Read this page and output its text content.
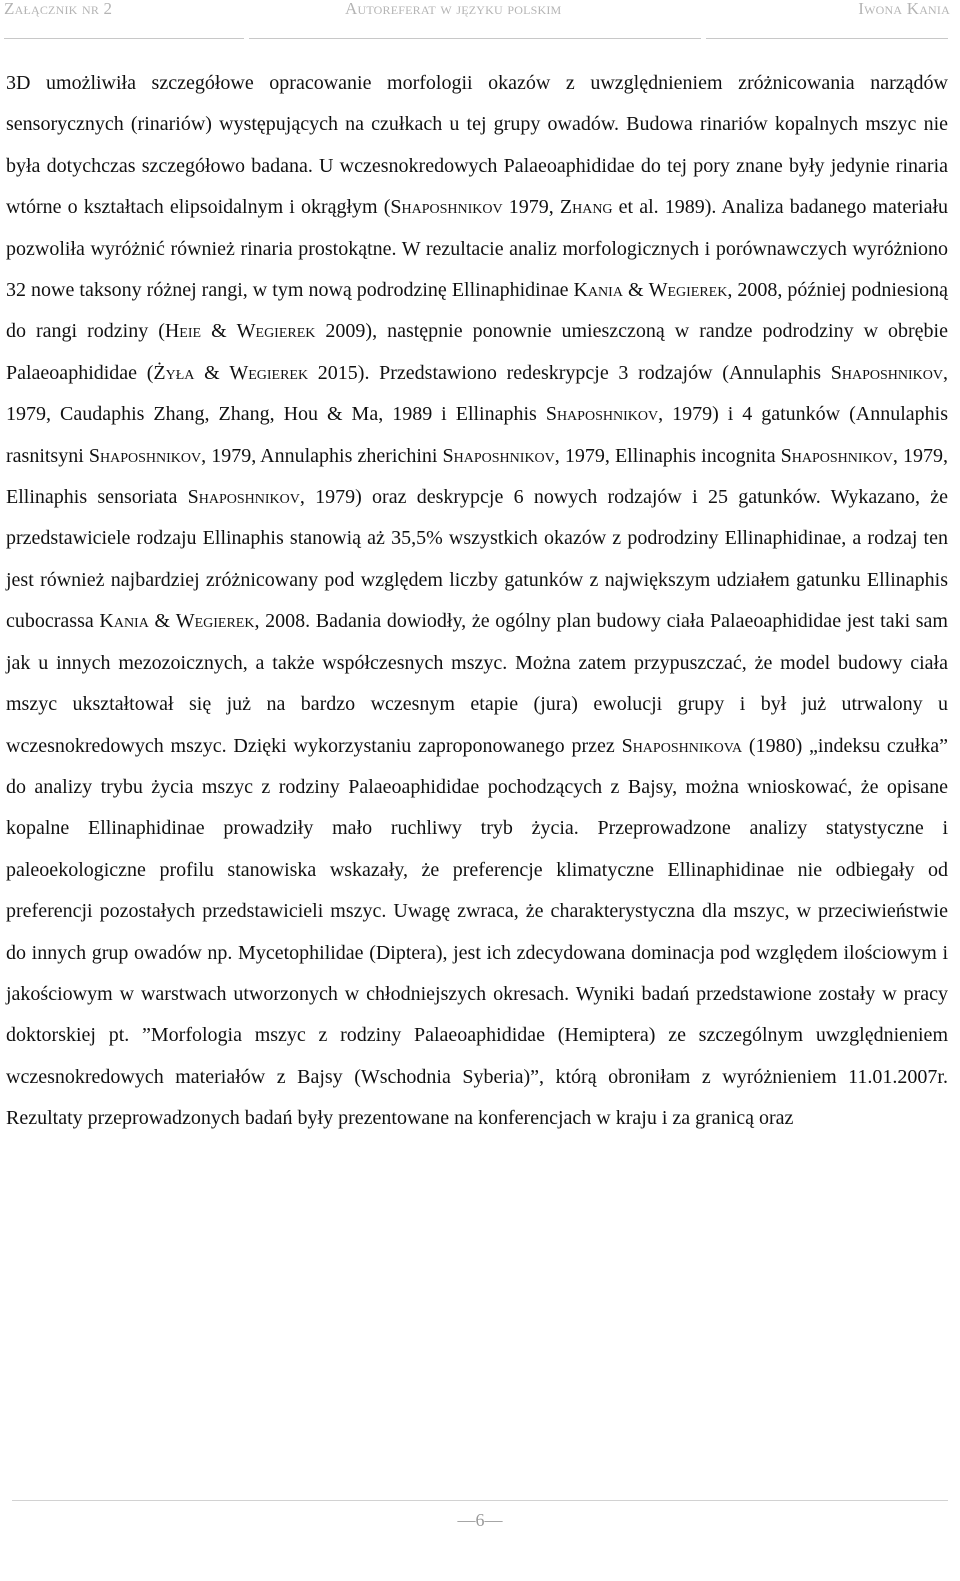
Załącznik nr 2	Autoreferat w języku polskim	Iwona Kania

3D umożliwiła szczegółowe opracowanie morfologii okazów z uwzględnieniem zróżnicowania narządów sensorycznych (rinariów) występujących na czułkach u tej grupy owadów. Budowa rinariów kopalnych mszyc nie była dotychczas szczegółowo badana. U wczesnokredowych Palaeoaphididae do tej pory znane były jedynie rinaria wtórne o kształtach elipsoidalnym i okrągłym (Shaposhnikov 1979, Zhang et al. 1989). Analiza badanego materiału pozwoliła wyróżnić również rinaria prostokątne. W rezultacie analiz morfologicznych i porównawczych wyróżniono 32 nowe taksony różnej rangi, w tym nową podrodzinę Ellinaphidinae Kania & Wegierek, 2008, później podniesioną do rangi rodziny (Heie & Wegierek 2009), następnie ponownie umieszczoną w randze podrodziny w obrębie Palaeoaphididae (Żyła & Wegierek 2015). Przedstawiono redeskrypcje 3 rodzajów (Annulaphis Shaposhnikov, 1979, Caudaphis Zhang, Zhang, Hou & Ma, 1989 i Ellinaphis Shaposhnikov, 1979) i 4 gatunków (Annulaphis rasnitsyni Shaposhnikov, 1979, Annulaphis zherichini Shaposhnikov, 1979, Ellinaphis incognita Shaposhnikov, 1979, Ellinaphis sensoriata Shaposhnikov, 1979) oraz deskrypcje 6 nowych rodzajów i 25 gatunków. Wykazano, że przedstawiciele rodzaju Ellinaphis stanowią aż 35,5% wszystkich okazów z podrodziny Ellinaphidinae, a rodzaj ten jest również najbardziej zróżnicowany pod względem liczby gatunków z największym udziałem gatunku Ellinaphis cubocrassa Kania & Wegierek, 2008. Badania dowiodły, że ogólny plan budowy ciała Palaeoaphididae jest taki sam jak u innych mezozoicznych, a także współczesnych mszyc. Można zatem przypuszczać, że model budowy ciała mszyc ukształtował się już na bardzo wczesnym etapie (jura) ewolucji grupy i był już utrwalony u wczesnokredowych mszyc. Dzięki wykorzystaniu zaproponowanego przez Shaposhnikova (1980) „indeksu czułka” do analizy trybu życia mszyc z rodziny Palaeoaphididae pochodzących z Bajsy, można wnioskować, że opisane kopalne Ellinaphidinae prowadziły mało ruchliwy tryb życia. Przeprowadzone analizy statystyczne i paleoekologiczne profilu stanowiska wskazały, że preferencje klimatyczne Ellinaphidinae nie odbiegały od preferencji pozostałych przedstawicieli mszyc. Uwagę zwraca, że charakterystyczna dla mszyc, w przeciwieństwie do innych grup owadów np. Mycetophilidae (Diptera), jest ich zdecydowana dominacja pod względem ilościowym i jakościowym w warstwach utworzonych w chłodniejszych okresach. Wyniki badań przedstawione zostały w pracy doktorskiej pt. ”Morfologia mszyc z rodziny Palaeoaphididae (Hemiptera) ze szczególnym uwzględnieniem wczesnokredowych materiałów z Bajsy (Wschodnia Syberia)”, którą obroniłam z wyróżnieniem 11.01.2007r. Rezultaty przeprowadzonych badań były prezentowane na konferencjach w kraju i za granicą oraz

—6—
